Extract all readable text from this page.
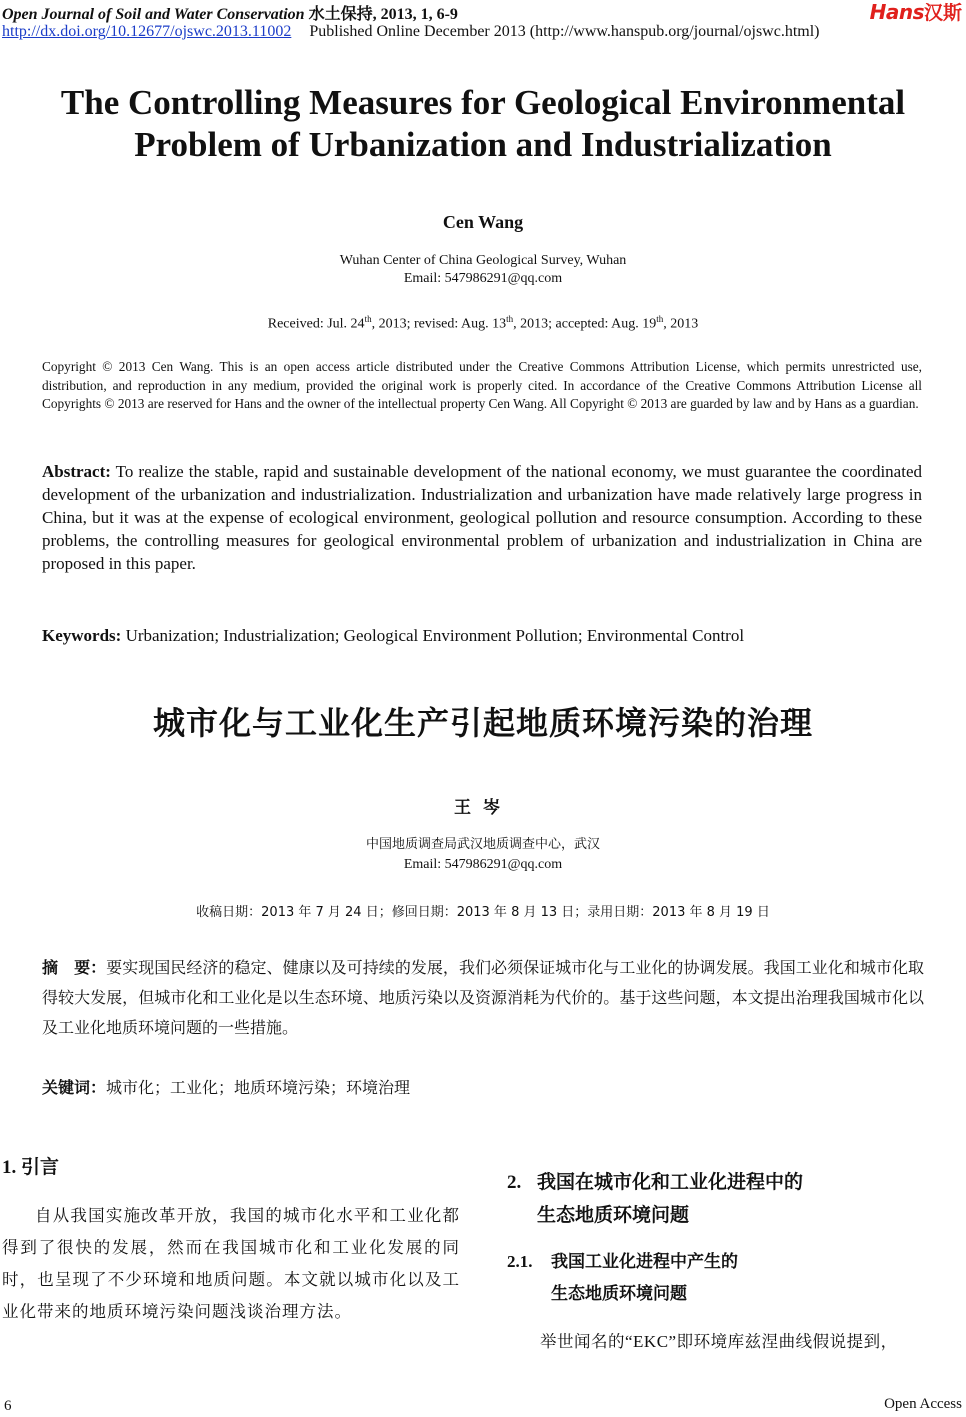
Open Journal of Soil and Water Conservation 水土保持, 2013, 1, 6-9
http://dx.doi.org/10.12677/ojswc.2013.11002 Published Online December 2013 (http://www.hanspub.org/journal/ojswc.html)
Hans汉斯
The Controlling Measures for Geological Environmental
Problem of Urbanization and Industrialization
Cen Wang
Wuhan Center of China Geological Survey, Wuhan
Email: 547986291@qq.com
Received: Jul. 24th, 2013; revised: Aug. 13th, 2013; accepted: Aug. 19th, 2013
Copyright © 2013 Cen Wang. This is an open access article distributed under the Creative Commons Attribution License, which permits unrestricted use, distribution, and reproduction in any medium, provided the original work is properly cited. In accordance of the Creative Commons Attribution License all Copyrights © 2013 are reserved for Hans and the owner of the intellectual property Cen Wang. All Copyright © 2013 are guarded by law and by Hans as a guardian.
Abstract: To realize the stable, rapid and sustainable development of the national economy, we must guarantee the coordinated development of the urbanization and industrialization. Industrialization and urbanization have made relatively large progress in China, but it was at the expense of ecological environment, geological pollution and resource consumption. According to these problems, the controlling measures for geological environmental problem of urbanization and industrialization in China are proposed in this paper.
Keywords: Urbanization; Industrialization; Geological Environment Pollution; Environmental Control
城市化与工业化生产引起地质环境污染的治理
王岑
中国地质调查局武汉地质调查中心，武汉
Email: 547986291@qq.com
收稿日期：2013 年 7 月 24 日；修回日期：2013 年 8 月 13 日；录用日期：2013 年 8 月 19 日
摘　要：要实现国民经济的稳定、健康以及可持续的发展，我们必须保证城市化与工业化的协调发展。我国工业化和城市化取得较大发展，但城市化和工业化是以生态环境、地质污染以及资源消耗为代价的。基于这些问题，本文提出治理我国城市化以及工业化地质环境问题的一些措施。
关键词：城市化；工业化；地质环境污染；环境治理
1. 引言
自从我国实施改革开放，我国的城市化水平和工业化都得到了很快的发展，然而在我国城市化和工业化发展的同时，也呈现了不少环境和地质问题。本文就以城市化以及工业化带来的地质环境污染问题浅谈治理方法。
2. 我国在城市化和工业化进程中的
生态地质环境问题
2.1. 我国工业化进程中产生的
生态地质环境问题
举世闻名的“EKC”即环境库兹涅曲线假说提到，
6	Open Access
